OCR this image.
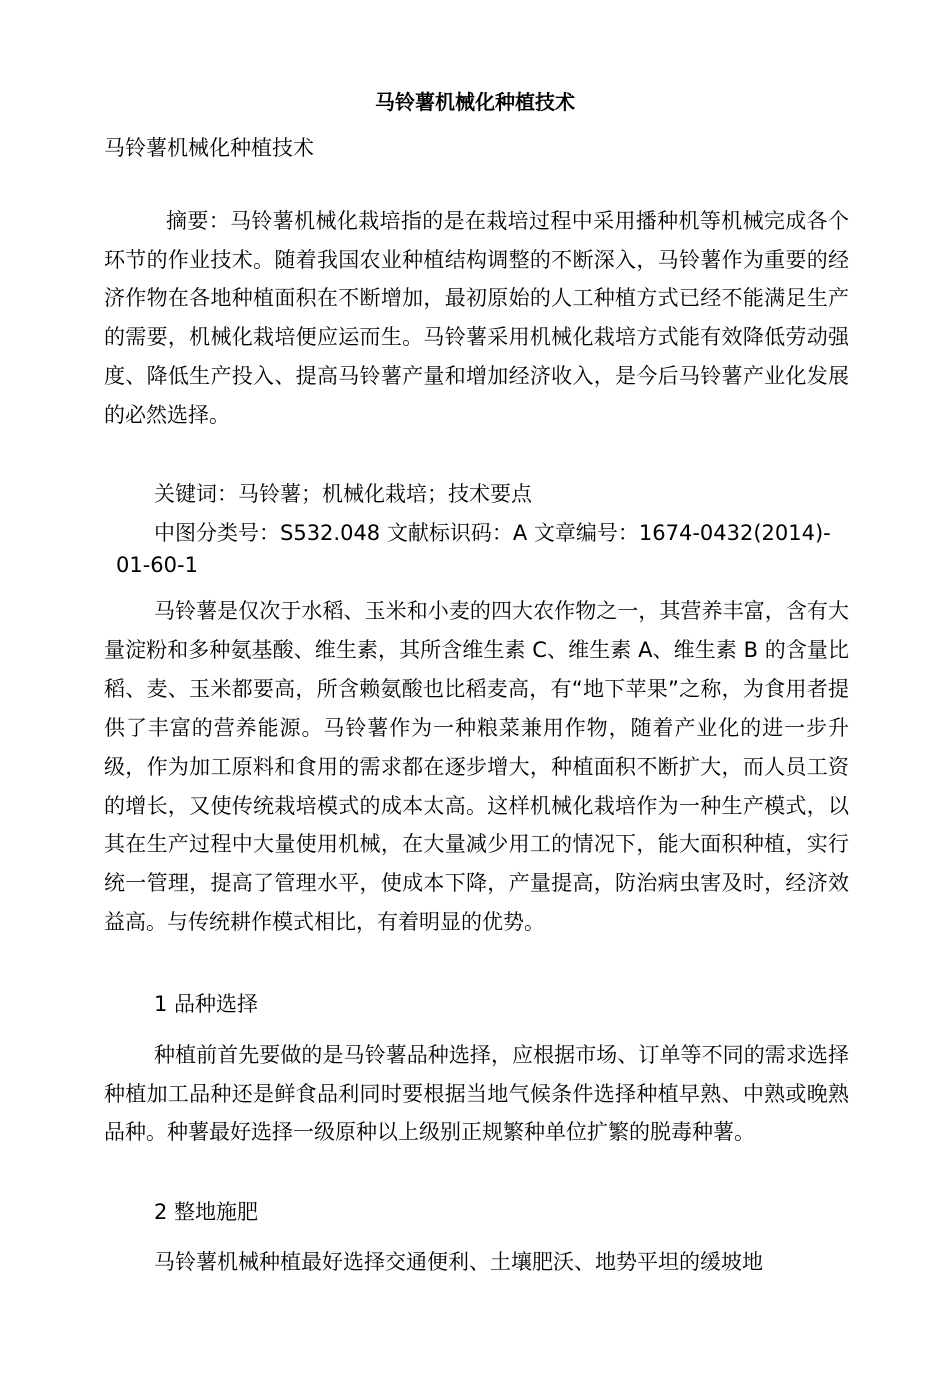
马铃薯机械化种植技术
马铃薯机械化种植技术
摘要：马铃薯机械化栽培指的是在栽培过程中采用播种机等机械完成各个环节的作业技术。随着我国农业种植结构调整的不断深入，马铃薯作为重要的经济作物在各地种植面积在不断增加，最初原始的人工种植方式已经不能满足生产的需要，机械化栽培便应运而生。马铃薯采用机械化栽培方式能有效降低劳动强度、降低生产投入、提高马铃薯产量和增加经济收入，是今后马铃薯产业化发展的必然选择。
关键词：马铃薯；机械化栽培；技术要点
中图分类号：S532.048 文献标识码：A 文章编号：1674-0432(2014)-
01-60-1
马铃薯是仅次于水稻、玉米和小麦的四大农作物之一，其营养丰富，含有大量淀粉和多种氨基酸、维生素，其所含维生素 C、维生素 A、维生素 B 的含量比稻、麦、玉米都要高，所含赖氨酸也比稻麦高，有“地下苹果”之称，为食用者提供了丰富的营养能源。马铃薯作为一种粮菜兼用作物，随着产业化的进一步升级，作为加工原料和食用的需求都在逐步增大，种植面积不断扩大，而人员工资的增长，又使传统栽培模式的成本太高。这样机械化栽培作为一种生产模式，以其在生产过程中大量使用机械，在大量减少用工的情况下，能大面积种植，实行统一管理，提高了管理水平，使成本下降，产量提高，防治病虫害及时，经济效益高。与传统耕作模式相比，有着明显的优势。
1 品种选择
种植前首先要做的是马铃薯品种选择，应根据市场、订单等不同的需求选择种植加工品种还是鲜食品利同时要根据当地气候条件选择种植早熟、中熟或晚熟品种。种薯最好选择一级原种以上级别正规繁种单位扩繁的脱毒种薯。
2 整地施肥
马铃薯机械种植最好选择交通便利、土壤肥沃、地势平坦的缓坡地
